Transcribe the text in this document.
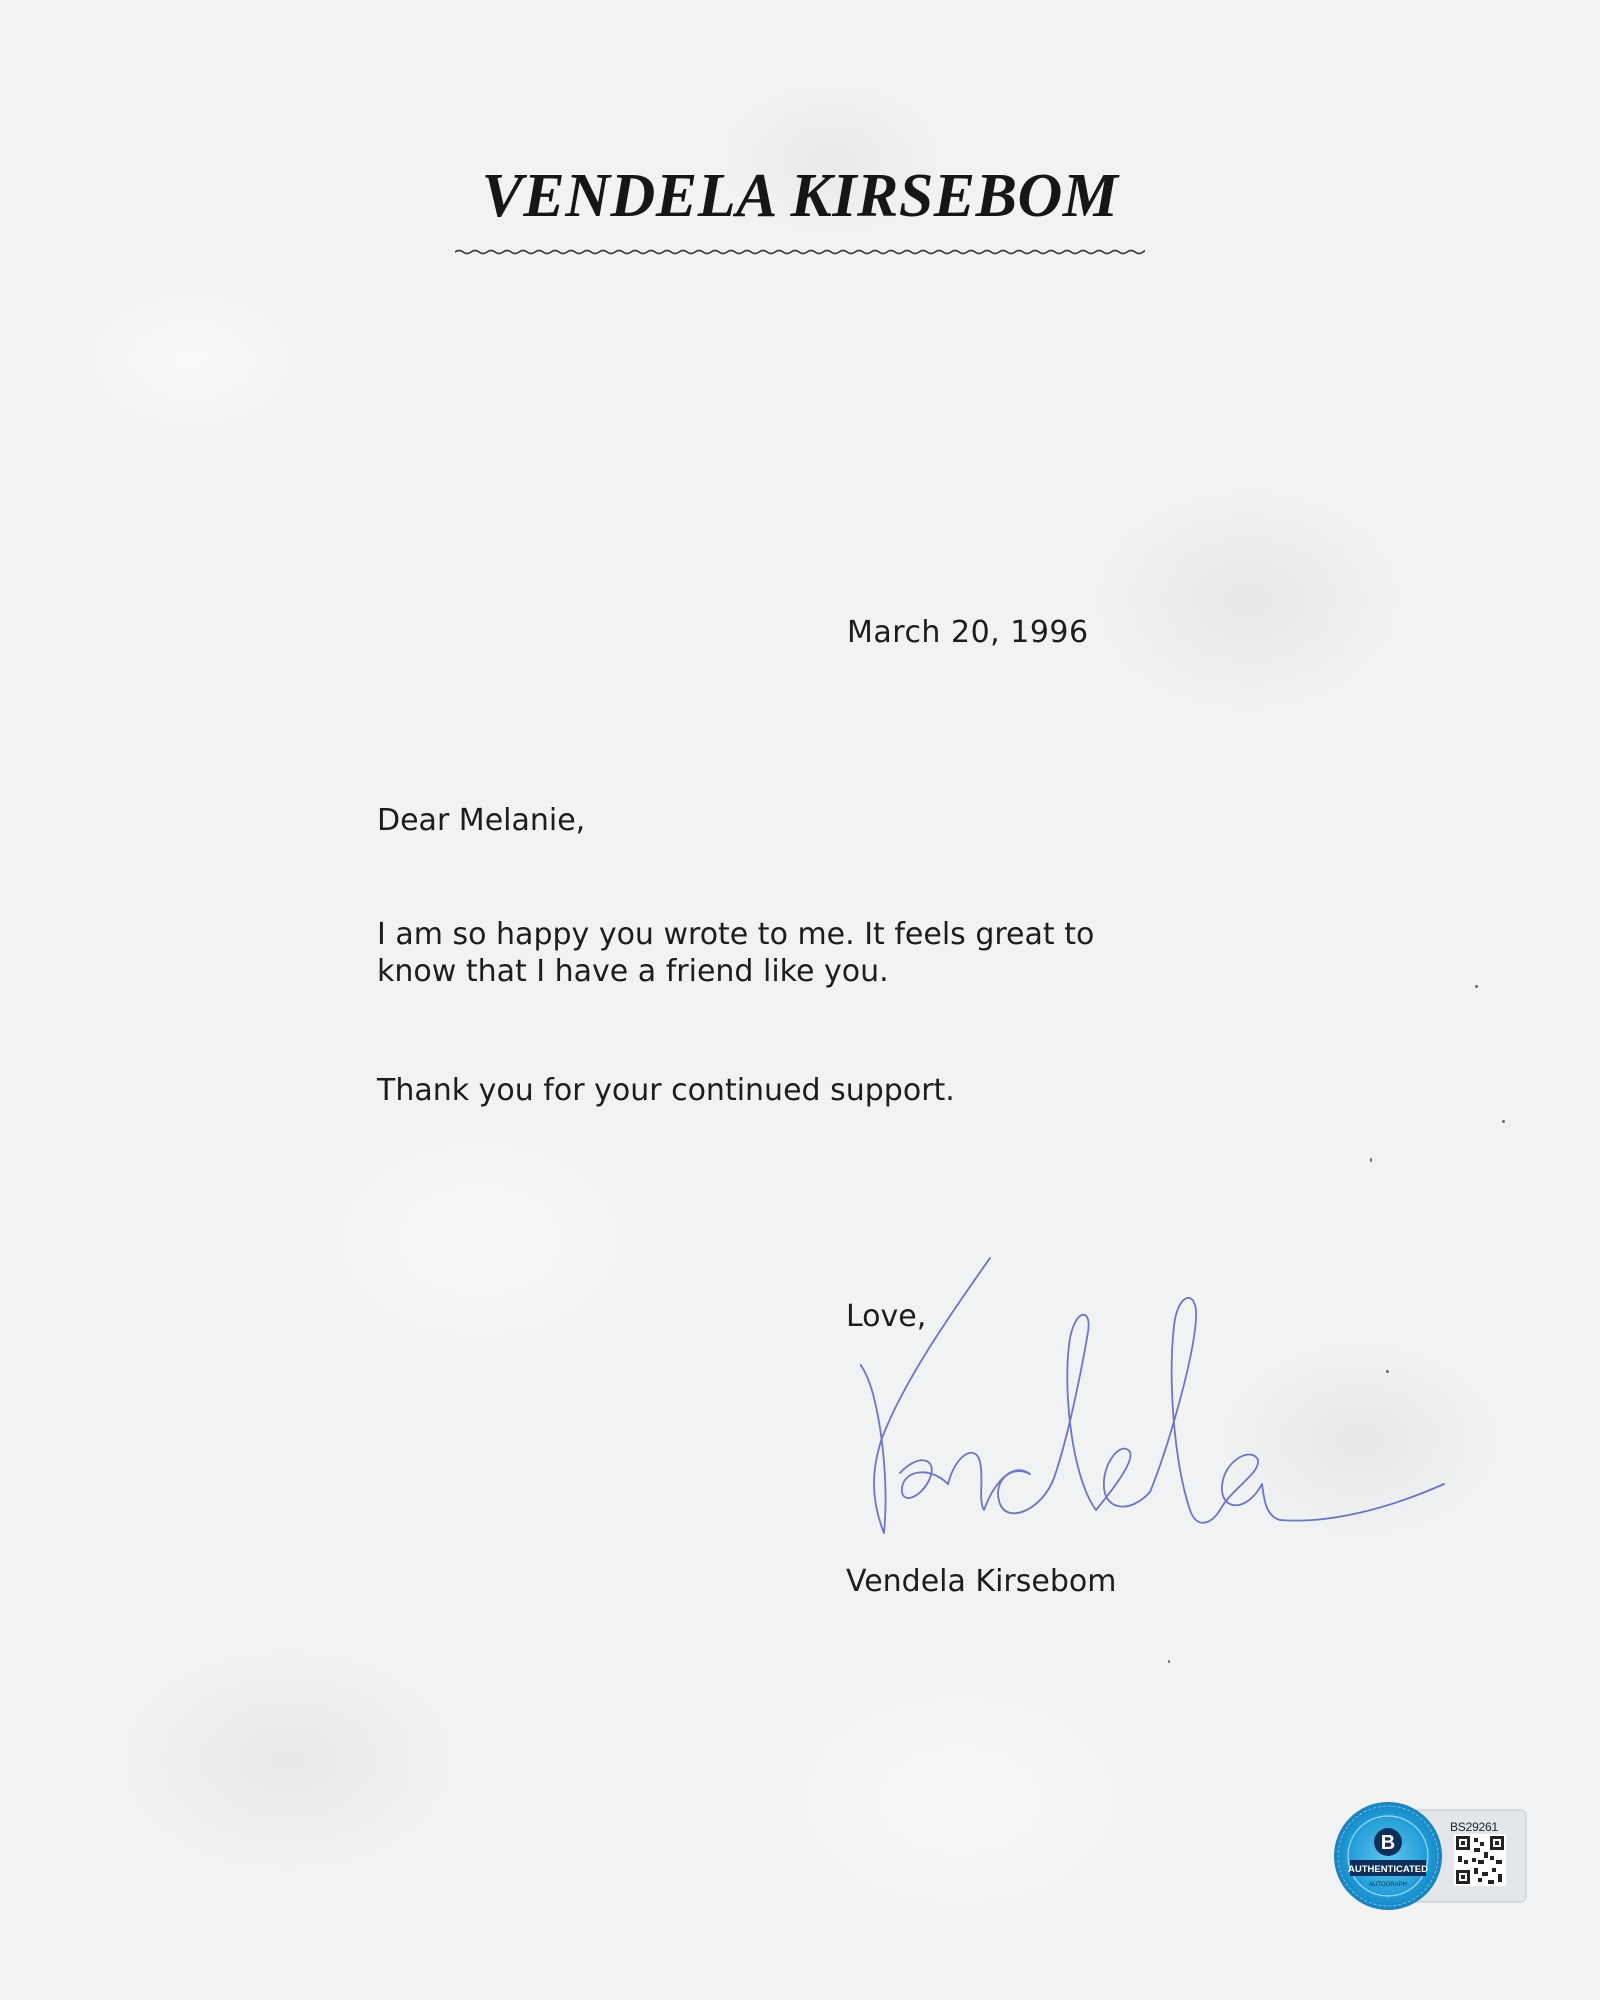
VENDELA KIRSEBOM

March 20, 1996

Dear Melanie,

I am so happy you wrote to me. It feels great to
know that I have a friend like you.
Thank you for your continued support.

Love,

Vendela Kirsebom

B
AUTHENTICATED
AUTOGRAPH

BS29261
